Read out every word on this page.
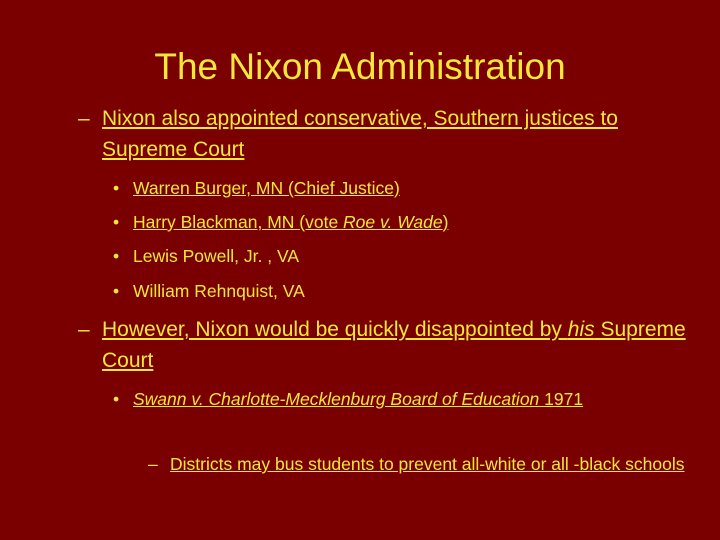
The Nixon Administration
– Nixon also appointed conservative, Southern justices to Supreme Court
• Warren Burger, MN (Chief Justice)
• Harry Blackman, MN (vote Roe v. Wade)
• Lewis Powell, Jr. , VA
• William Rehnquist, VA
– However, Nixon would be quickly disappointed by his Supreme Court
• Swann v. Charlotte-Mecklenburg Board of Education 1971
– Districts may bus students to prevent all-white or all -black schools
